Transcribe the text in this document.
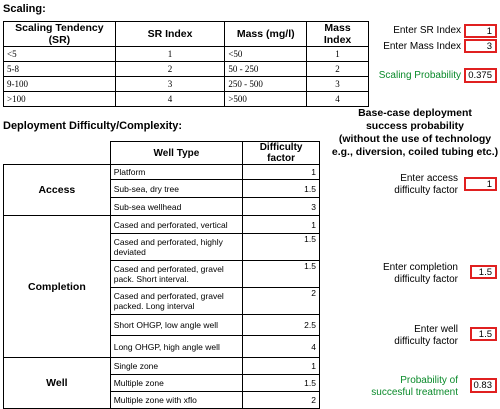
Scaling:
Scaling Tendency (SR)	SR Index	Mass (mg/l)	Mass Index
<5	1	<50	1
5-8	2	50 - 250	2
9-100	3	250 - 500	3
>100	4	>500	4
Enter SR Index	1
Enter Mass Index	3
Scaling Probability 0.375
Deployment Difficulty/Complexity:
	Well Type	Difficulty factor
Access	Platform	1
	Sub-sea, dry tree	1.5
	Sub-sea wellhead	3
Completion	Cased and perforated, vertical	1
	Cased and perforated, highly deviated	1.5
	Cased and perforated, gravel pack. Short interval.	1.5
	Cased and perforated, gravel packed. Long interval	2
	Short OHGP, low angle well	2.5
	Long OHGP, high angle well	4
Well	Single zone	1
	Multiple zone	1.5
	Multiple zone with xflo	2
Base-case deployment
success probability
(without the use of technology
e.g., diversion, coiled tubing etc.)
Enter access
difficulty factor
1
Enter completion
difficulty factor
1.5
Enter well
difficulty factor
1.5
Probability of
succesful treatment
0.83
